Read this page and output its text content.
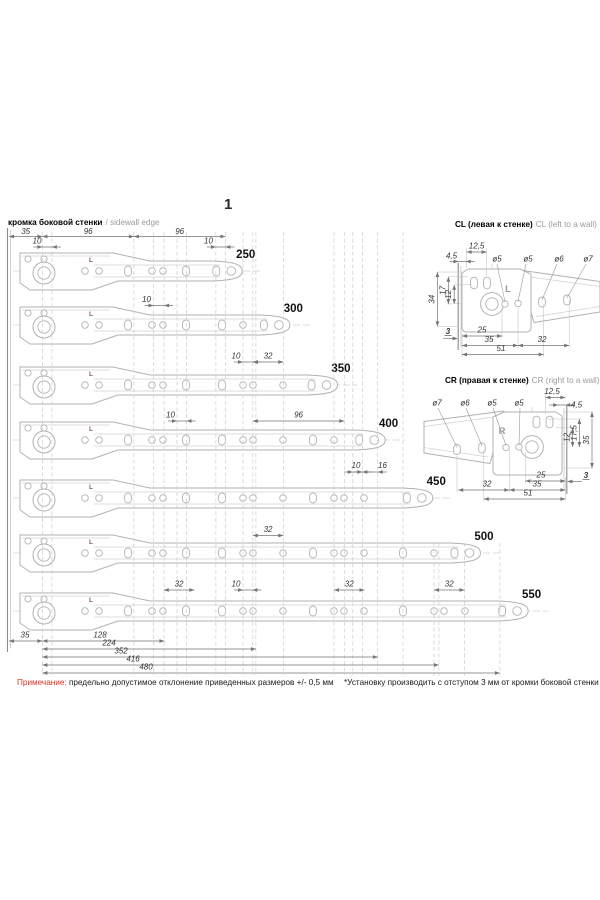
ø5	ø5	ø6 ø7
L
3
12,5
4,5
17
12
34
25
35	32
51
ø7 ø6 ø5 ø5
R
3
12,5
4,5
12
17,5 35
25
35
32
51
L	250
L	300
L	350
L	400
L	450
L	500
L	550
35	96	96
10	10
10
10	32
10	96
10 16
32
32	10	32	32
35	128
224
352
416
480
кромка боковой стенки / sidewall edge
1
CL (левая к стенке) CL (left to a wall)
CR (правая к стенке) CR (right to a wall)
Примечание: предельно допустимое отклонение приведенных размеров +/- 0,5 мм *Установку производить с отступом 3 мм от кромки боковой стенки
